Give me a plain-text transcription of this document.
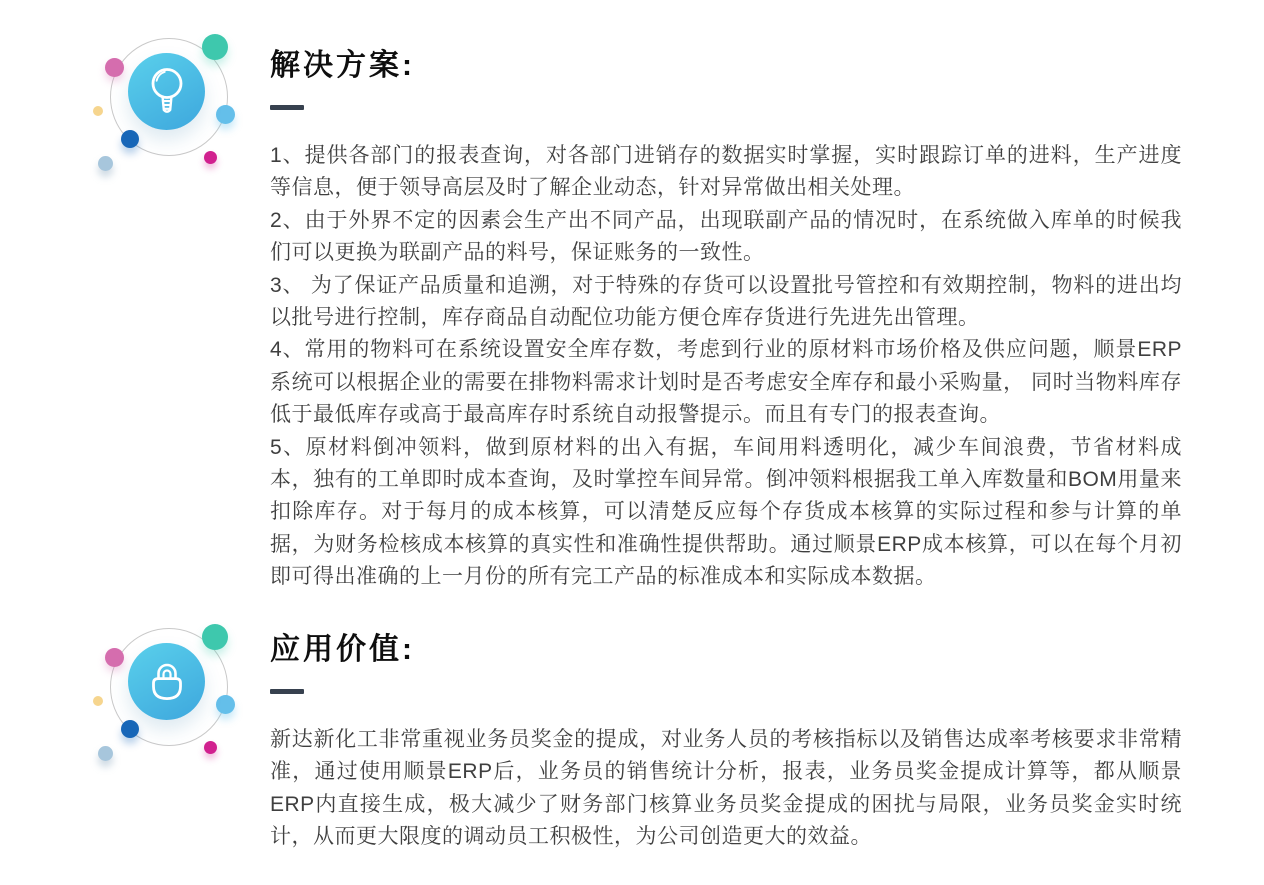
解决方案:

1、提供各部门的报表查询，对各部门进销存的数据实时掌握，实时跟踪订单的进料，生产进度等信息，便于领导高层及时了解企业动态，针对异常做出相关处理。

2、由于外界不定的因素会生产出不同产品，出现联副产品的情况时，在系统做入库单的时候我们可以更换为联副产品的料号，保证账务的一致性。

3、 为了保证产品质量和追溯，对于特殊的存货可以设置批号管控和有效期控制，物料的进出均以批号进行控制，库存商品自动配位功能方便仓库存货进行先进先出管理。

4、常用的物料可在系统设置安全库存数，考虑到行业的原材料市场价格及供应问题，顺景ERP系统可以根据企业的需要在排物料需求计划时是否考虑安全库存和最小采购量， 同时当物料库存低于最低库存或高于最高库存时系统自动报警提示。而且有专门的报表查询。

5、原材料倒冲领料，做到原材料的出入有据，车间用料透明化，减少车间浪费，节省材料成本，独有的工单即时成本查询，及时掌控车间异常。倒冲领料根据我工单入库数量和BOM用量来扣除库存。对于每月的成本核算，可以清楚反应每个存货成本核算的实际过程和参与计算的单据，为财务检核成本核算的真实性和准确性提供帮助。通过顺景ERP成本核算，可以在每个月初即可得出准确的上一月份的所有完工产品的标准成本和实际成本数据。

应用价值:

新达新化工非常重视业务员奖金的提成，对业务人员的考核指标以及销售达成率考核要求非常精准，通过使用顺景ERP后，业务员的销售统计分析，报表，业务员奖金提成计算等，都从顺景ERP内直接生成，极大减少了财务部门核算业务员奖金提成的困扰与局限，业务员奖金实时统计，从而更大限度的调动员工积极性，为公司创造更大的效益。
